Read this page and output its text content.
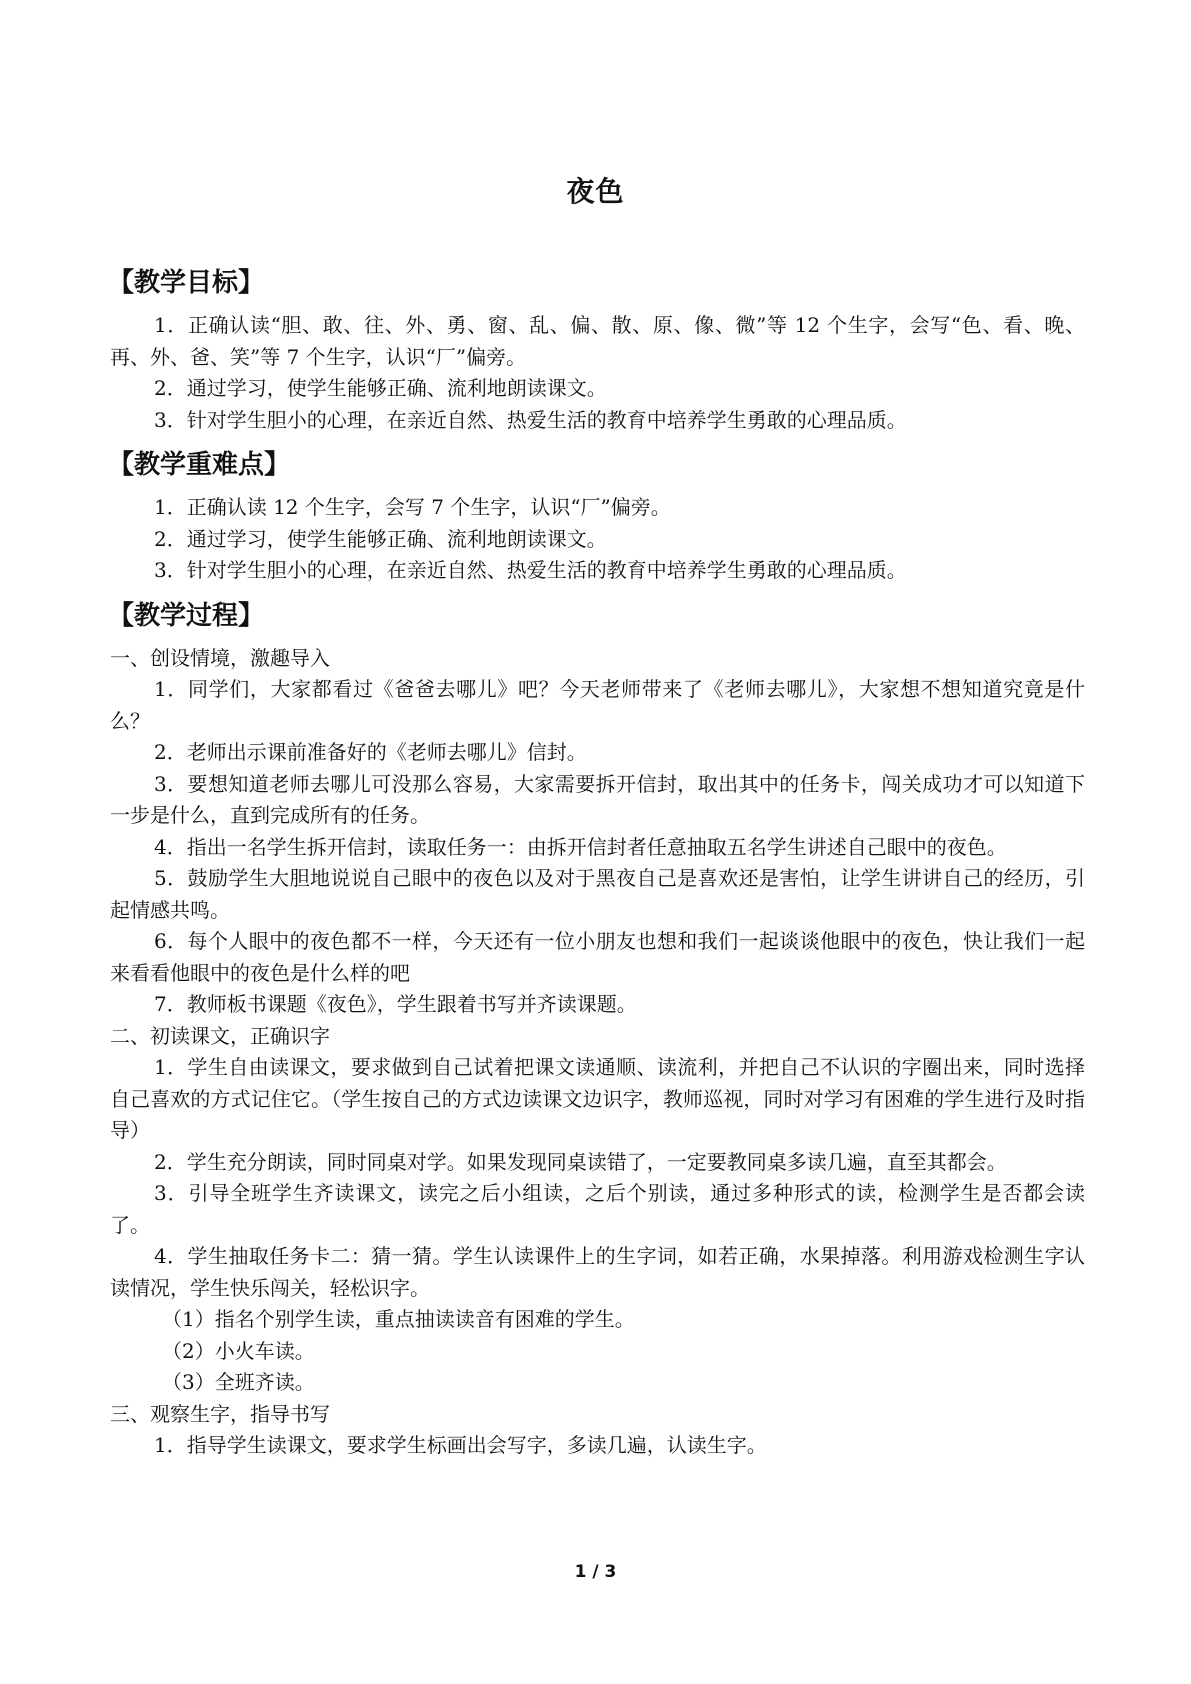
夜色
【教学目标】

1．正确认读“胆、敢、往、外、勇、窗、乱、偏、散、原、像、微”等 12 个生字，会写“色、看、晚、再、外、爸、笑”等 7 个生字，认识“厂”偏旁。

2．通过学习，使学生能够正确、流利地朗读课文。

3．针对学生胆小的心理，在亲近自然、热爱生活的教育中培养学生勇敢的心理品质。

【教学重难点】

1．正确认读 12 个生字，会写 7 个生字，认识“厂”偏旁。

2．通过学习，使学生能够正确、流利地朗读课文。

3．针对学生胆小的心理，在亲近自然、热爱生活的教育中培养学生勇敢的心理品质。

【教学过程】

一、创设情境，激趣导入

1．同学们，大家都看过《爸爸去哪儿》吧？今天老师带来了《老师去哪儿》，大家想不想知道究竟是什么？

2．老师出示课前准备好的《老师去哪儿》信封。

3．要想知道老师去哪儿可没那么容易，大家需要拆开信封，取出其中的任务卡，闯关成功才可以知道下一步是什么，直到完成所有的任务。

4．指出一名学生拆开信封，读取任务一：由拆开信封者任意抽取五名学生讲述自己眼中的夜色。

5．鼓励学生大胆地说说自己眼中的夜色以及对于黑夜自己是喜欢还是害怕，让学生讲讲自己的经历，引起情感共鸣。

6．每个人眼中的夜色都不一样，今天还有一位小朋友也想和我们一起谈谈他眼中的夜色，快让我们一起来看看他眼中的夜色是什么样的吧

7．教师板书课题《夜色》，学生跟着书写并齐读课题。

二、初读课文，正确识字

1．学生自由读课文，要求做到自己试着把课文读通顺、读流利，并把自己不认识的字圈出来，同时选择自己喜欢的方式记住它。（学生按自己的方式边读课文边识字，教师巡视，同时对学习有困难的学生进行及时指导）

2．学生充分朗读，同时同桌对学。如果发现同桌读错了，一定要教同桌多读几遍，直至其都会。

3．引导全班学生齐读课文，读完之后小组读，之后个别读，通过多种形式的读，检测学生是否都会读了。

4．学生抽取任务卡二：猜一猜。学生认读课件上的生字词，如若正确，水果掉落。利用游戏检测生字认读情况，学生快乐闯关，轻松识字。

（1）指名个别学生读，重点抽读读音有困难的学生。

（2）小火车读。

（3）全班齐读。

三、观察生字，指导书写

1．指导学生读课文，要求学生标画出会写字，多读几遍，认读生字。

1 / 3
